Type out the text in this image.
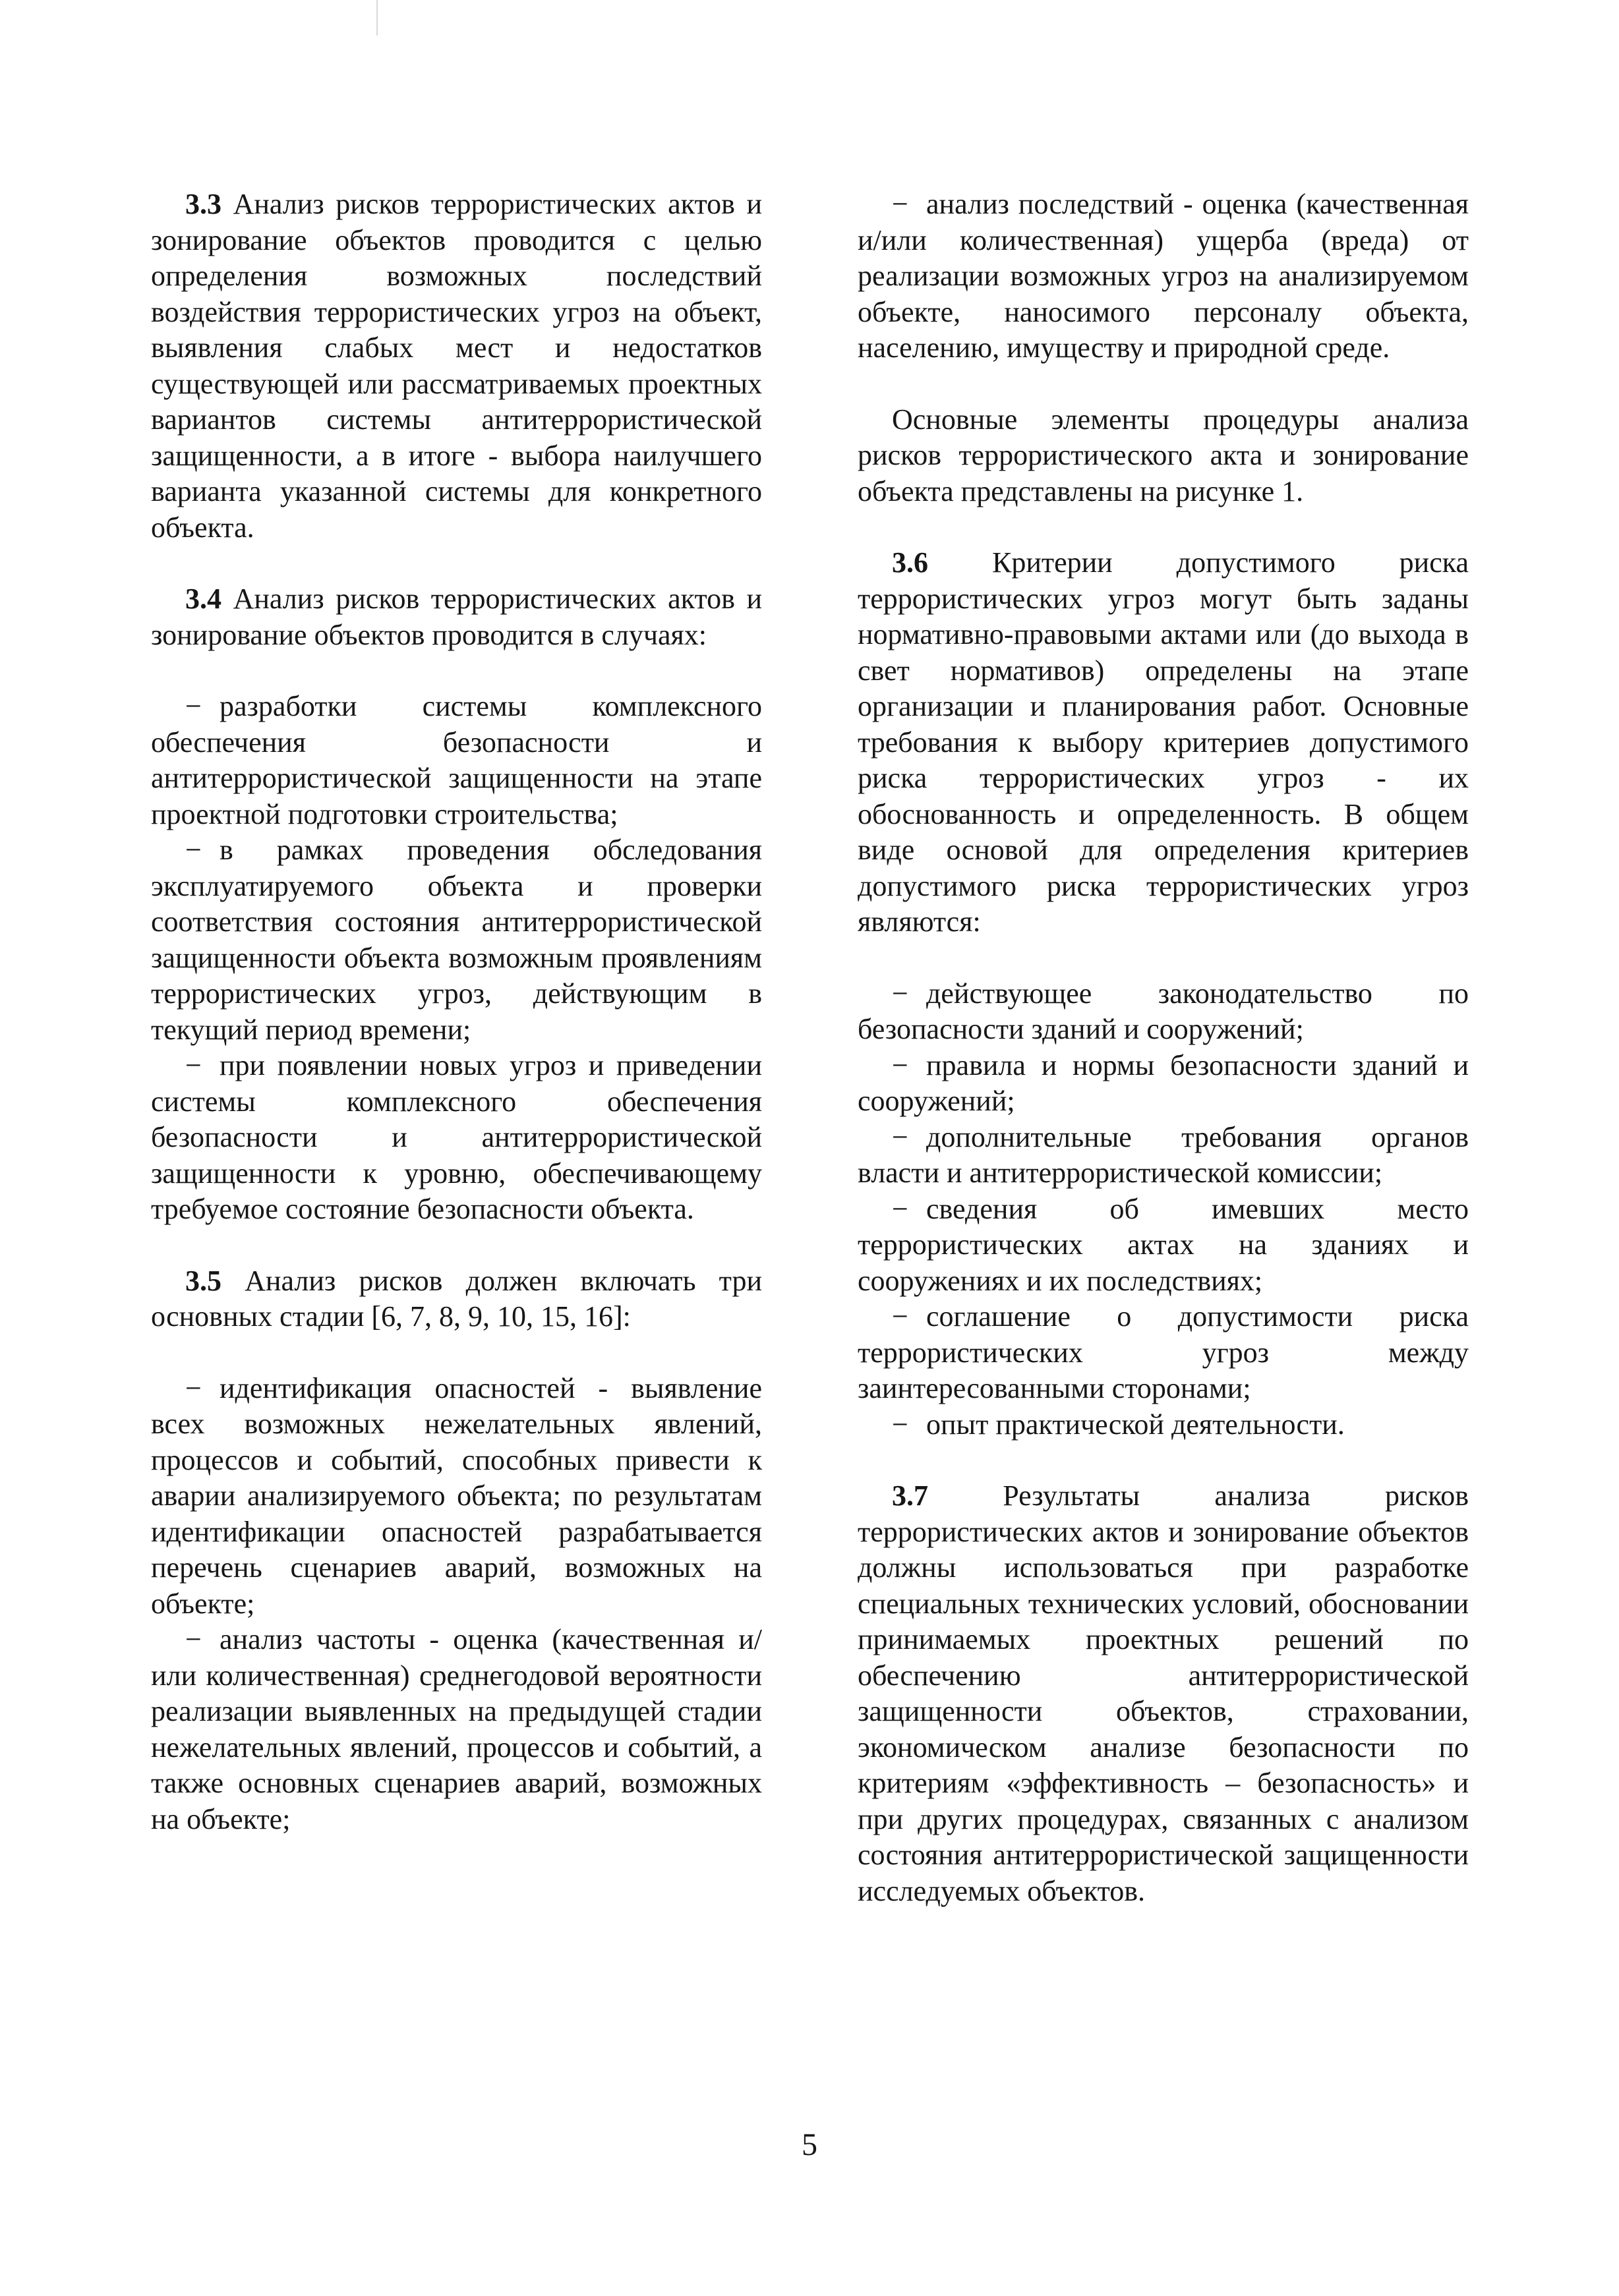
3.3 Анализ рисков террористических актов и зонирование объектов проводится с целью определения возможных последствий воздействия террористических угроз на объект, выявления слабых мест и недостатков существующей или рассматриваемых проектных вариантов системы антитеррористической защищенности, а в итоге - выбора наилучшего варианта указанной системы для конкретного объекта.

3.4 Анализ рисков террористических актов и зонирование объектов проводится в случаях:

− разработки системы комплексного обеспечения безопасности и антитеррористической защищенности на этапе проектной подготовки строительства;

− в рамках проведения обследования эксплуатируемого объекта и проверки соответствия состояния антитеррористической защищенности объекта возможным проявлениям террористических угроз, действующим в текущий период времени;

− при появлении новых угроз и приведении системы комплексного обеспечения безопасности и антитеррористической защищенности к уровню, обеспечивающему требуемое состояние безопасности объекта.

3.5 Анализ рисков должен включать три основных стадии [6, 7, 8, 9, 10, 15, 16]:

− идентификация опасностей - выявление всех возможных нежелательных явлений, процессов и событий, способных привести к аварии анализируемого объекта; по результатам идентификации опасностей разрабатывается перечень сценариев аварий, возможных на объекте;

− анализ частоты - оценка (качественная и/или количественная) среднегодовой вероятности реализации выявленных на предыдущей стадии нежелательных явлений, процессов и событий, а также основных сценариев аварий, возможных на объекте;

− анализ последствий - оценка (качественная и/или количественная) ущерба (вреда) от реализации возможных угроз на анализируемом объекте, наносимого персоналу объекта, населению, имуществу и природной среде.

Основные элементы процедуры анализа рисков террористического акта и зонирование объекта представлены на рисунке 1.

3.6 Критерии допустимого риска террористических угроз могут быть заданы нормативно-правовыми актами или (до выхода в свет нормативов) определены на этапе организации и планирования работ. Основные требования к выбору критериев допустимого риска террористических угроз - их обоснованность и определенность. В общем виде основой для определения критериев допустимого риска террористических угроз являются:

− действующее законодательство по безопасности зданий и сооружений;

− правила и нормы безопасности зданий и сооружений;

− дополнительные требования органов власти и антитеррористической комиссии;

− сведения об имевших место террористических актах на зданиях и сооружениях и их последствиях;

− соглашение о допустимости риска террористических угроз между заинтересованными сторонами;

− опыт практической деятельности.

3.7	Результаты анализа рисков террористических актов и зонирование объектов должны использоваться при разработке специальных технических условий, обосновании принимаемых проектных решений по обеспечению антитеррористической защищенности объектов, страховании, экономическом анализе безопасности по критериям «эффективность – безопасность» и при других процедурах, связанных с анализом состояния антитеррористической защищенности исследуемых объектов.

5
